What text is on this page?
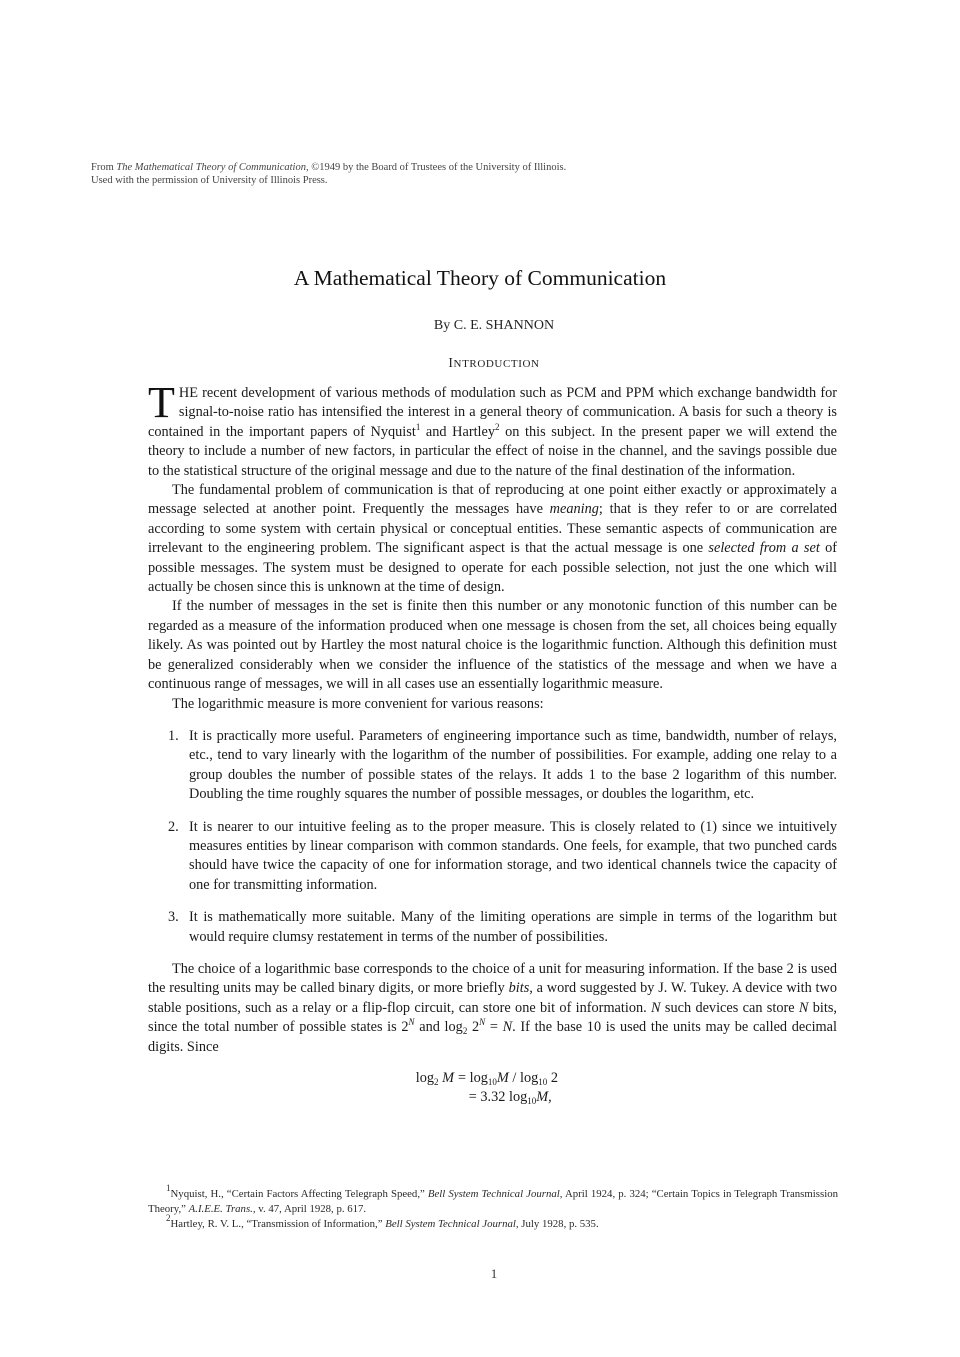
From The Mathematical Theory of Communication, ©1949 by the Board of Trustees of the University of Illinois.
Used with the permission of University of Illinois Press.
A Mathematical Theory of Communication
By C. E. SHANNON
INTRODUCTION

THE recent development of various methods of modulation such as PCM and PPM which exchange bandwidth for signal-to-noise ratio has intensified the interest in a general theory of communication. A basis for such a theory is contained in the important papers of Nyquist$^1$ and Hartley$^2$ on this subject. In the present paper we will extend the theory to include a number of new factors, in particular the effect of noise in the channel, and the savings possible due to the statistical structure of the original message and due to the nature of the final destination of the information.

The fundamental problem of communication is that of reproducing at one point either exactly or approximately a message selected at another point. Frequently the messages have meaning; that is they refer to or are correlated according to some system with certain physical or conceptual entities. These semantic aspects of communication are irrelevant to the engineering problem. The significant aspect is that the actual message is one selected from a set of possible messages. The system must be designed to operate for each possible selection, not just the one which will actually be chosen since this is unknown at the time of design.

If the number of messages in the set is finite then this number or any monotonic function of this number can be regarded as a measure of the information produced when one message is chosen from the set, all choices being equally likely. As was pointed out by Hartley the most natural choice is the logarithmic function. Although this definition must be generalized considerably when we consider the influence of the statistics of the message and when we have a continuous range of messages, we will in all cases use an essentially logarithmic measure.

The logarithmic measure is more convenient for various reasons:

1. It is practically more useful. Parameters of engineering importance such as time, bandwidth, number of relays, etc., tend to vary linearly with the logarithm of the number of possibilities. For example, adding one relay to a group doubles the number of possible states of the relays. It adds 1 to the base 2 logarithm of this number. Doubling the time roughly squares the number of possible messages, or doubles the logarithm, etc.
2. It is nearer to our intuitive feeling as to the proper measure. This is closely related to (1) since we intuitively measures entities by linear comparison with common standards. One feels, for example, that two punched cards should have twice the capacity of one for information storage, and two identical channels twice the capacity of one for transmitting information.
3. It is mathematically more suitable. Many of the limiting operations are simple in terms of the logarithm but would require clumsy restatement in terms of the number of possibilities.

The choice of a logarithmic base corresponds to the choice of a unit for measuring information. If the base 2 is used the resulting units may be called binary digits, or more briefly bits, a word suggested by J. W. Tukey. A device with two stable positions, such as a relay or a flip-flop circuit, can store one bit of information. N such devices can store N bits, since the total number of possible states is $2^N$ and $\log_2 2^N = N$. If the base 10 is used the units may be called decimal digits. Since

$\log_2 M = \log_{10}M / \log_{10} 2$
= 3.32 $\log_{10}M$,

$^1$Nyquist, H., “Certain Factors Affecting Telegraph Speed,” Bell System Technical Journal, April 1924, p. 324; “Certain Topics in Telegraph Transmission Theory,” A.I.E.E. Trans., v. 47, April 1928, p. 617.

$^2$Hartley, R. V. L., “Transmission of Information,” Bell System Technical Journal, July 1928, p. 535.

1
